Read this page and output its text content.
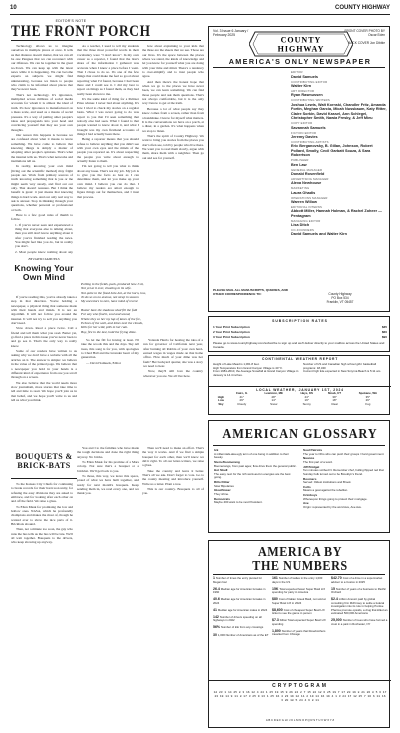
10	COUNTY HIGHWAY
EDITOR'S NOTE
THE FRONT PORCH

Technology allows us to imagine ourselves in multiple places at once. It tells us that distance doesn't matter, that we can all be one Pangaea that we can reconnect with our Ofstrees. We can be together in the great no-Town. We can keep up with the latest news while it is happening. We can become experts on subjects we might find uninteresting, because we listen to people who claim to be informed about places that they've never been.

That's not technology. It's ignorance, multiplied across millions of social media accounts for whom it is almost the ideal of truth. It's how ignorance is manufactured on a mass scale, and used as a means of social pressure. It's a way of putting other people's ideas and propaganda into your head and convincing yourself that they are your own thoughts.

Our reason this happens is because we are confused about what it means to know something. We have come to believe that knowing things is simply a matter of adopting other people's opinions. That's what the internet tells us. That's what networks and institutions tell us.

In reality, knowing your own mind (living out the scientific method) may fright people out. Work from primary sources of truth: knowing something that is you or me might seem very steady, and find out our only. That doesn't reassure. But I think the benefit is great: it just means that knowing things is hard work. And our only real way to ask is answer. Stop in thinking through your questions, whether personal or professional or both.

Here is a few good rules of thumb to follow.

1. If you've never seen and experienced a thing that everyone else is talking about, then you still don't know anything about it after you've finished reading the news. You might feel like you do, but in reality you don't.

2. Most people know nothing about any

As a teacher, I used to tell my students that the three most powerful words in their vocabulary were "I don't know". In my own career as a reporter, I found that the lion's share of the information I gathered was accurate when I knew a place before I went. That I chose to do so. It's one of the few things that could make me feel so good about reporting what I'd found, because I had been there and I could see it. I did my best to report on things as I found them, as they had really been shown to me.

It's the same kind of thing for a Pulitzer Prize winner. I never lied about anything. It's how I tried to check my stories on a regular basis. What I was never going to do was report to you that I'd seen something that nobody else had seen. What I found is that people wanted to know about it, and what I brought was my own firsthand accounts of things I had actually been there.

Being a reporter means that you should refuse to believe anything that you didn't see with your own eyes and the minds of the people you reported on. It's about respecting the people you write about enough to actually listen to them.

I'm not going to tell you what to think about any issue. That's not my job. My job is to give you the facts as best as I can determine them, and let you make up your own mind. I believe you can do that. I believe my readers are smart enough to figure things out for themselves, and I trust that process.

how about explaining to your kids that the three are the sheets that we see. Those are our lives. It's the space between the places where we stand, the kinds of knowledge and let you know for yourself what you are doing with your time and mind. There's a tendency to over-simplify and to trust people who agree.

And then there's the honest hope that when we go to the places we have never been, we can learn something. We can find those people and ask them questions. That's not always comfortable, but it is the only way I know to get at the truth.

Because a lot of what people say they know comes from a screen, rather than from a handshake. I know for myself what matters. It is the conversations we have on a porch, at a diner, in a garden. It's what happens when we stop to listen.

That's the spirit of County Highway. We want to bring you stories from the places you don't often see, told by people who live there. We want you to read them slowly, argue with them, share them with a neighbor. Then go out and see for yourself.

BY DAVID SAMUELS
Knowing Your Own Mind

If you're reading this, you've already taken a step in that direction. You're holding a newspaper, a physical thing that someone made with their hands and minds. It is not an algorithm. It will not follow you around the internet. It will not try to sell you anything you don't need.

Slow down. Read a piece twice. Call a friend and tell them what you read. Better yet, go find a place in this issue you've never been to and go see it. That's the only way to really know.

Some of our readers have written to us asking why we don't have a website with all the articles on it. The answer is simple: we believe in the value of the printed page. We believe that a newspaper you hold in your hands is a different kind of experience from one you scroll through on a screen.

We also believe that the world needs more slow journalism, more stories that take time to tell and time to read. We hope you'll join us in that belief, and we hope you'll write to us and tell us what you think.

Polling in the fields, pack, produced how I sit,
Not yet at it ever, cheating to its wife.
Not quite to the flood hole-hot, at the horn, low,
To do so on no avenue, not steep in season
My ancestors to zero, have mind of recent

Buster bare the shadows shed fill the fold
For any who find it, soul and sound,
Whole they so her my lap of lanes of the fre,
Echoes of the wall, and lobes next the clouds,
Kills for her wild, pills in her rain.
Buy, fire in the last, hold the frying dime.

So let me fill for having at least. I'll take the woods this and the days. Sky All trees, this song is for you, with apologies to Chad Hall and the lavender heart of my generation.

— David Samuels, Editor

Yolanda Harris for hosting the idea of a run for governor of California next year, after burning all Robbia of your own hard-earned wages in wages made on that home office. How much of your dime was her fault? Her backyard quarter, she was a story we need to hear.

Now, they'll still love the country wherever you are. We all live here.

BOUQUETS & BRICK-BATS

To the Kansas City Chiefs for continuing to break records for their hard-won unity, for refusing the easy divisions they are asked to embrace, and for looking after each other on and off the field. We raise a glass.

To Ellen Musk for promising the low and hollow ones. NASA, which he profoundly champions and makes the most of, though he wanted ever to show the nice parts of it. Brickbats abound.

Then, not a minute too soon, the guy who runs the bus tells us the bus will be late. We'll all wait together. Bouquets to the drivers, who keep showing up anyway.

You and I to the families who have made the tough decisions and done the right thing anyway. No bricks.

To Ellen Musk for his promise of a Mars colony. Not sure that's a bouquet or a brickbat. We'll get back to you.

To those, this way, we leave this space, proud of what we have built together, and ready for next month's bouquets. Keep sending them in, we read every one, and we thank you.

Then we'll need to make an effort. That's the way it works. And if we find a simple bouquet for each other, then we'll know we did it right. To all our letter-writers, we raise a glass.

Take the country and leave it better. That's all we ask. Don't forget to vote. Go to the county meeting and introduce yourself. Write us a letter. Plant a tree.

This is our country. Bouquets to all of you.

Vol. 3 Issue 6 January / February 2025
COUNTY
HIGHWAY
FRONT COVER PHOTO BY Oscar Eden

BACK COVER Jon Dibble
AMERICA'S ONLY NEWSPAPER
EDITOR
David Samuels
CONTRIBUTING EDITOR
Walter Kirn
ART DIRECTOR
Ryan Rasmussen
CONTRIBUTING WRITERS
Joshua Lewis, Walt Kornski, Chandler Fritz, Amanda Fortin, Meghan Garcia, Micah Nussbaum, Katy Ritter, Claire Sorkin, David Kassel, Ann Schlegel, Christopher Smith, Nawia Fresky, & Jeff Mieu
COPY EDITOR
Savannah Samuels
FICTION EDITOR
Jeremy Davies
CONTRIBUTING ARTISTS
Eric Berganovsky, B. Gillan, Johnson, Robert Pollard, Smolly, Cecil Garbatt Souza, & Sara Robertson
PUBLISHER
Ben Law
GENERAL MANAGER
Donald Rosenfield
ADVERTISING MANAGER
Alexa Newhouse
MARKETING
Laura Ohadis
OPERATIONS MANAGER
Warren Willow
EDITORIAL INTERNS
Abbott Miller, Hannah Holman, & Rachel Zoheer — Pentagram
MANAGING EDITOR
Lisa Ditch
CO-FOUNDERS
David Samuels and Walter Kirn
PLEASE MAIL ALL MANUSCRIPTS, QUERIES, AND OTHER CORRESPONDENCE TO:	County Highway
PO Box 534
Franklin, VT 05457
SUBSCRIPTION RATES
1 Year Print Subscription	$35
2 Year Print Subscription	$60
3 Year Print Subscription	$90
Please go to www.countyhighway.com/subscribe to sign up and we'll deliver directly to your mailbox across the United States and Canada.
CONTINENTAL WEATHER REPORT
Height of Lake Mead is 1,061.8 feet.
High Temperature from Grand Canyon Village is 44° F.
From 1981-2010, the Average Snowfall at Grand Canyon Village in January is 14.4 inches.
Number of US and Canadian high school girls' basketball programs: 18,340
Current high tide expected in New Smyrna Beach is 5:11 am.
LOCAL WEATHER, JANUARY 1ST, 2024
	Cairo, IL	Lewiston, ME	Hays, KS	Moab, UT	Spokane, WA
High	41°	28°	44°	39°	35°
Low	29°	14°	19°	18°	26°
Sky	Cloudy	Snow	Sunny	Clear	Fog
AMERICAN GLOSSARY
Ick
A millennials-aka-ugly term of one being in addition to their beauty.
Stem-Boomerang
Boomerangs, from past ages; flow drive them the general public.
Hot Skull
The easy next for the rich work-as-fun energies are the best going.
Rillo Ditter
Slow Bipolaries
Glowflower
They shine.
Democrats
Maybe 400 want to be next President.
Soul Patriots
The year to Ohio who can push their groups / hard government
Nuance
The first part of a word.
Jiff Bridget
Ten minutes scribed N. Remember chef, hulling flipped red that Sunday hulk turned out to be Brooklyn's friend.
Boomers
Served: Oldest institutions and Brook.
Colts
Means a goat against the rebellion.
Crimboys
Whereupon things going to protect their mortgage.
Ave
Origin: represented by the word Ave, Ave Ave.
AMERICA BY
THE NUMBERS
1 Number of times the entry pivoted for Megan foul
26.4 Median age for American females in 1960
40.6 Median age for American females in 2024
41 Median age for American males in 2024
142 Number of drivers speeding on all highways in 2022
56% Number of kilo from any crossings
30 1,000 Number of Americans as of the ET
161 Number of ladies in the entry 1,000 days in the US
15K Total expected fewer Super Bowl LIX spending for party in America
$80 Cost of Italian Greek Basil, not sold at Super Bowl LIX in 2024
$8,600 Cost of cheapest Super Bowl LIX ticket to see the game in person
$7.3 billion Total expected Super Bowl LIX spending
1,800 Number of years that Rosebrothers travelled from Chicago
$42.70 Cost of a dime in a supermarket advisor to a Costco in 2025
15 Number of years of a business to Pacific Orchard
$2.4 million Amount paid by global consulting firm McKinsey to settle a federal investigation into its role in helping Purdue Pharma promote opioids, a drug that killed an estimated 500,000 Americans
25,000 Number of trees who have formed a crest in a park in Rochester, NY
CRYPTOGRAM
12 23 1 14 25 8 3 16 12 4 24 1 25 19 15 9 26 24 2 7 15 22 12 6 25 19 7 17 20 19 8 21 26 8 5 6 17 23 19 14 9 11 8 17 3 25 9 13 1 25 16 4 23 19 12 11 2 19 14 16 19 4 1 3 24 17 12 25 7 16 6 11 16 3 20 18 5 24 4 6 8 11
A B C D E F G H I J K L M N O P Q R S T U V W X Y Z
